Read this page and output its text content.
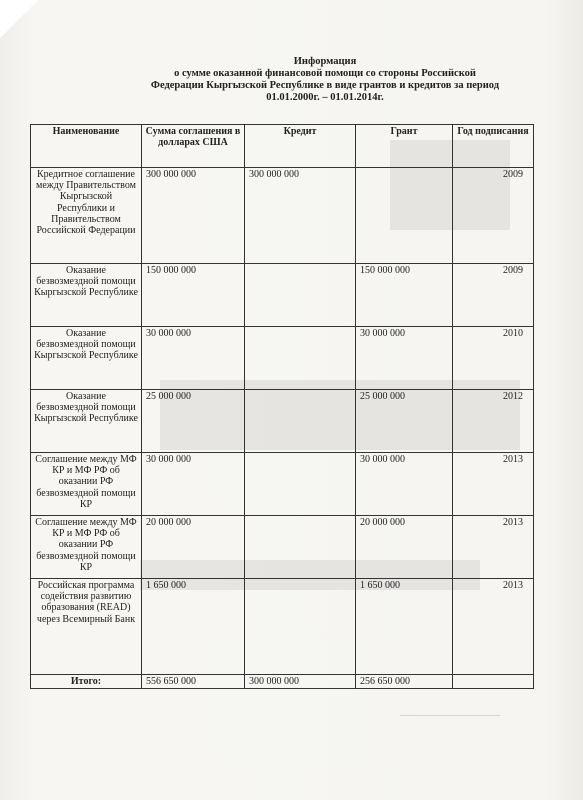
Информация
о сумме оказанной финансовой помощи со стороны Российской
Федерации Кыргызской Республике в виде грантов и кредитов за период
01.01.2000г. – 01.01.2014г.
Наименование	Сумма соглашения в долларах США	Кредит	Грант	Год подписания
Кредитное соглашение между Правительством Кыргызской Республики и Правительством Российской Федерации	300 000 000	300 000 000		2009
Оказание безвозмездной помощи Кыргызской Республике	150 000 000		150 000 000	2009
Оказание безвозмездной помощи Кыргызской Республике	30 000 000		30 000 000	2010
Оказание безвозмездной помощи Кыргызской Республике	25 000 000		25 000 000	2012
Соглашение между МФ КР и МФ РФ об оказании РФ безвозмездной помощи КР	30 000 000		30 000 000	2013
Соглашение между МФ КР и МФ РФ об оказании РФ безвозмездной помощи КР	20 000 000		20 000 000	2013
Российская программа содействия развитию образования (READ) через Всемирный Банк	1 650 000		1 650 000	2013
Итого:	556 650 000	300 000 000	256 650 000	
